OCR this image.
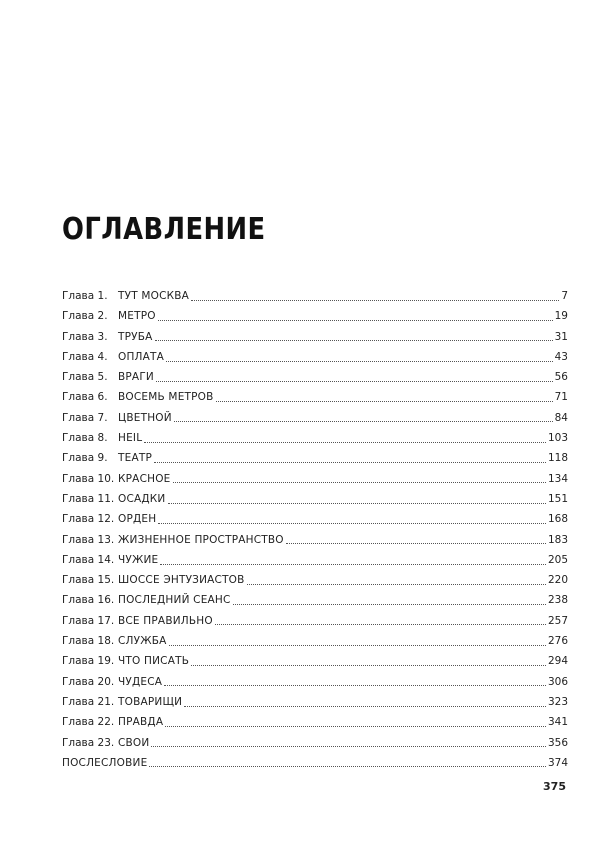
ОГЛАВЛЕНИЕ
Глава 1. ТУТ МОСКВА	7
Глава 2. МЕТРО	19
Глава 3. ТРУБА	31
Глава 4. ОПЛАТА	43
Глава 5. ВРАГИ	56
Глава 6. ВОСЕМЬ МЕТРОВ	71
Глава 7. ЦВЕТНОЙ	84
Глава 8. HEIL	103
Глава 9. ТЕАТР	118
Глава 10. КРАСНОЕ	134
Глава 11. ОСАДКИ	151
Глава 12. ОРДЕН	168
Глава 13. ЖИЗНЕННОЕ ПРОСТРАНСТВО	183
Глава 14. ЧУЖИЕ	205
Глава 15. ШОССЕ ЭНТУЗИАСТОВ	220
Глава 16. ПОСЛЕДНИЙ СЕАНС	238
Глава 17. ВСЕ ПРАВИЛЬНО	257
Глава 18. СЛУЖБА	276
Глава 19. ЧТО ПИСАТЬ	294
Глава 20. ЧУДЕСА	306
Глава 21. ТОВАРИЩИ	323
Глава 22. ПРАВДА	341
Глава 23. СВОИ	356
ПОСЛЕСЛОВИЕ	374
375
